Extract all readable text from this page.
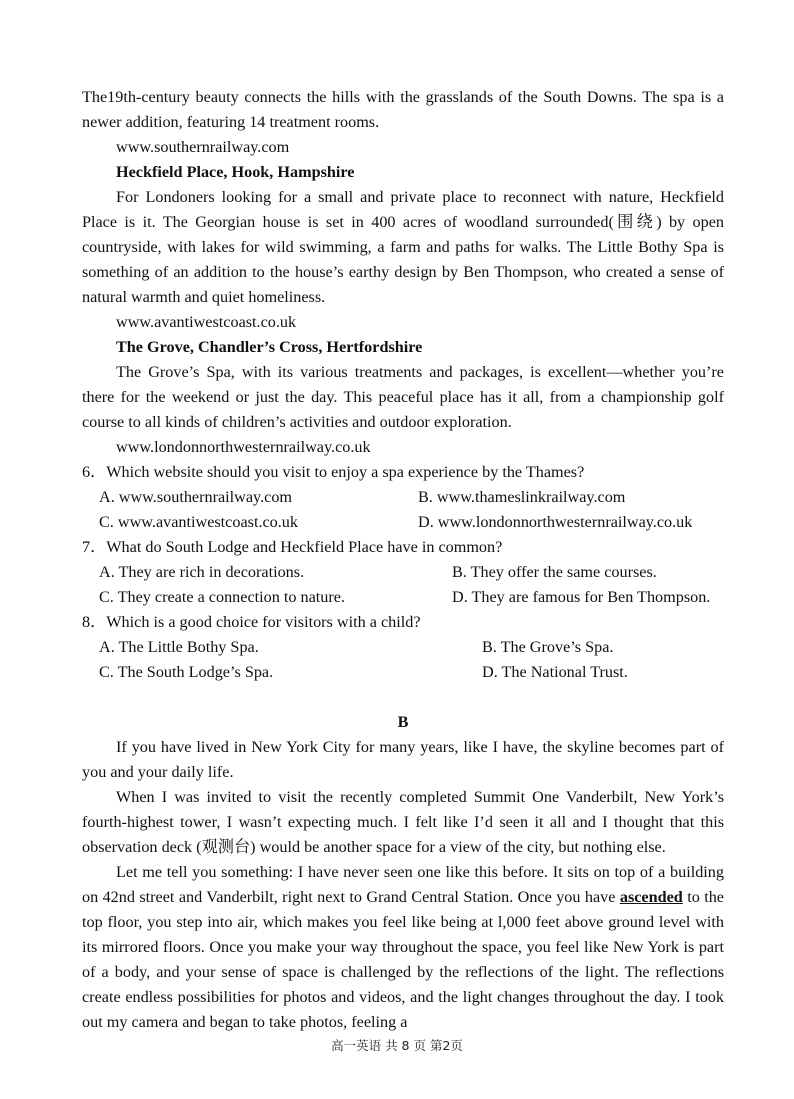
The19th-century beauty connects the hills with the grasslands of the South Downs. The spa is a newer addition, featuring 14 treatment rooms.

www.southernrailway.com

Heckfield Place, Hook, Hampshire

For Londoners looking for a small and private place to reconnect with nature, Heckfield Place is it. The Georgian house is set in 400 acres of woodland surrounded(围绕) by open countryside, with lakes for wild swimming, a farm and paths for walks. The Little Bothy Spa is something of an addition to the house’s earthy design by Ben Thompson, who created a sense of natural warmth and quiet homeliness.

www.avantiwestcoast.co.uk

The Grove, Chandler’s Cross, Hertfordshire

The Grove’s Spa, with its various treatments and packages, is excellent—whether you’re there for the weekend or just the day. This peaceful place has it all, from a championship golf course to all kinds of children’s activities and outdoor exploration.

www.londonnorthwesternrailway.co.uk

6．Which website should you visit to enjoy a spa experience by the Thames?

A. www.southernrailway.com	B. www.thameslinkrailway.com
C. www.avantiwestcoast.co.uk	D. www.londonnorthwesternrailway.co.uk

7．What do South Lodge and Heckfield Place have in common?

A. They are rich in decorations.	B. They offer the same courses.
C. They create a connection to nature.	D. They are famous for Ben Thompson.

8．Which is a good choice for visitors with a child?

A. The Little Bothy Spa.	B. The Grove’s Spa.
C. The South Lodge’s Spa.	D. The National Trust.

B

If you have lived in New York City for many years, like I have, the skyline becomes part of you and your daily life.

When I was invited to visit the recently completed Summit One Vanderbilt, New York’s fourth-highest tower, I wasn’t expecting much. I felt like I’d seen it all and I thought that this observation deck (观测台) would be another space for a view of the city, but nothing else.

Let me tell you something: I have never seen one like this before. It sits on top of a building on 42nd street and Vanderbilt, right next to Grand Central Station. Once you have ascended to the top floor, you step into air, which makes you feel like being at l,000 feet above ground level with its mirrored floors. Once you make your way throughout the space, you feel like New York is part of a body, and your sense of space is challenged by the reflections of the light. The reflections create endless possibilities for photos and videos, and the light changes throughout the day. I took out my camera and began to take photos, feeling a

高一英语 共 8 页 第2页
